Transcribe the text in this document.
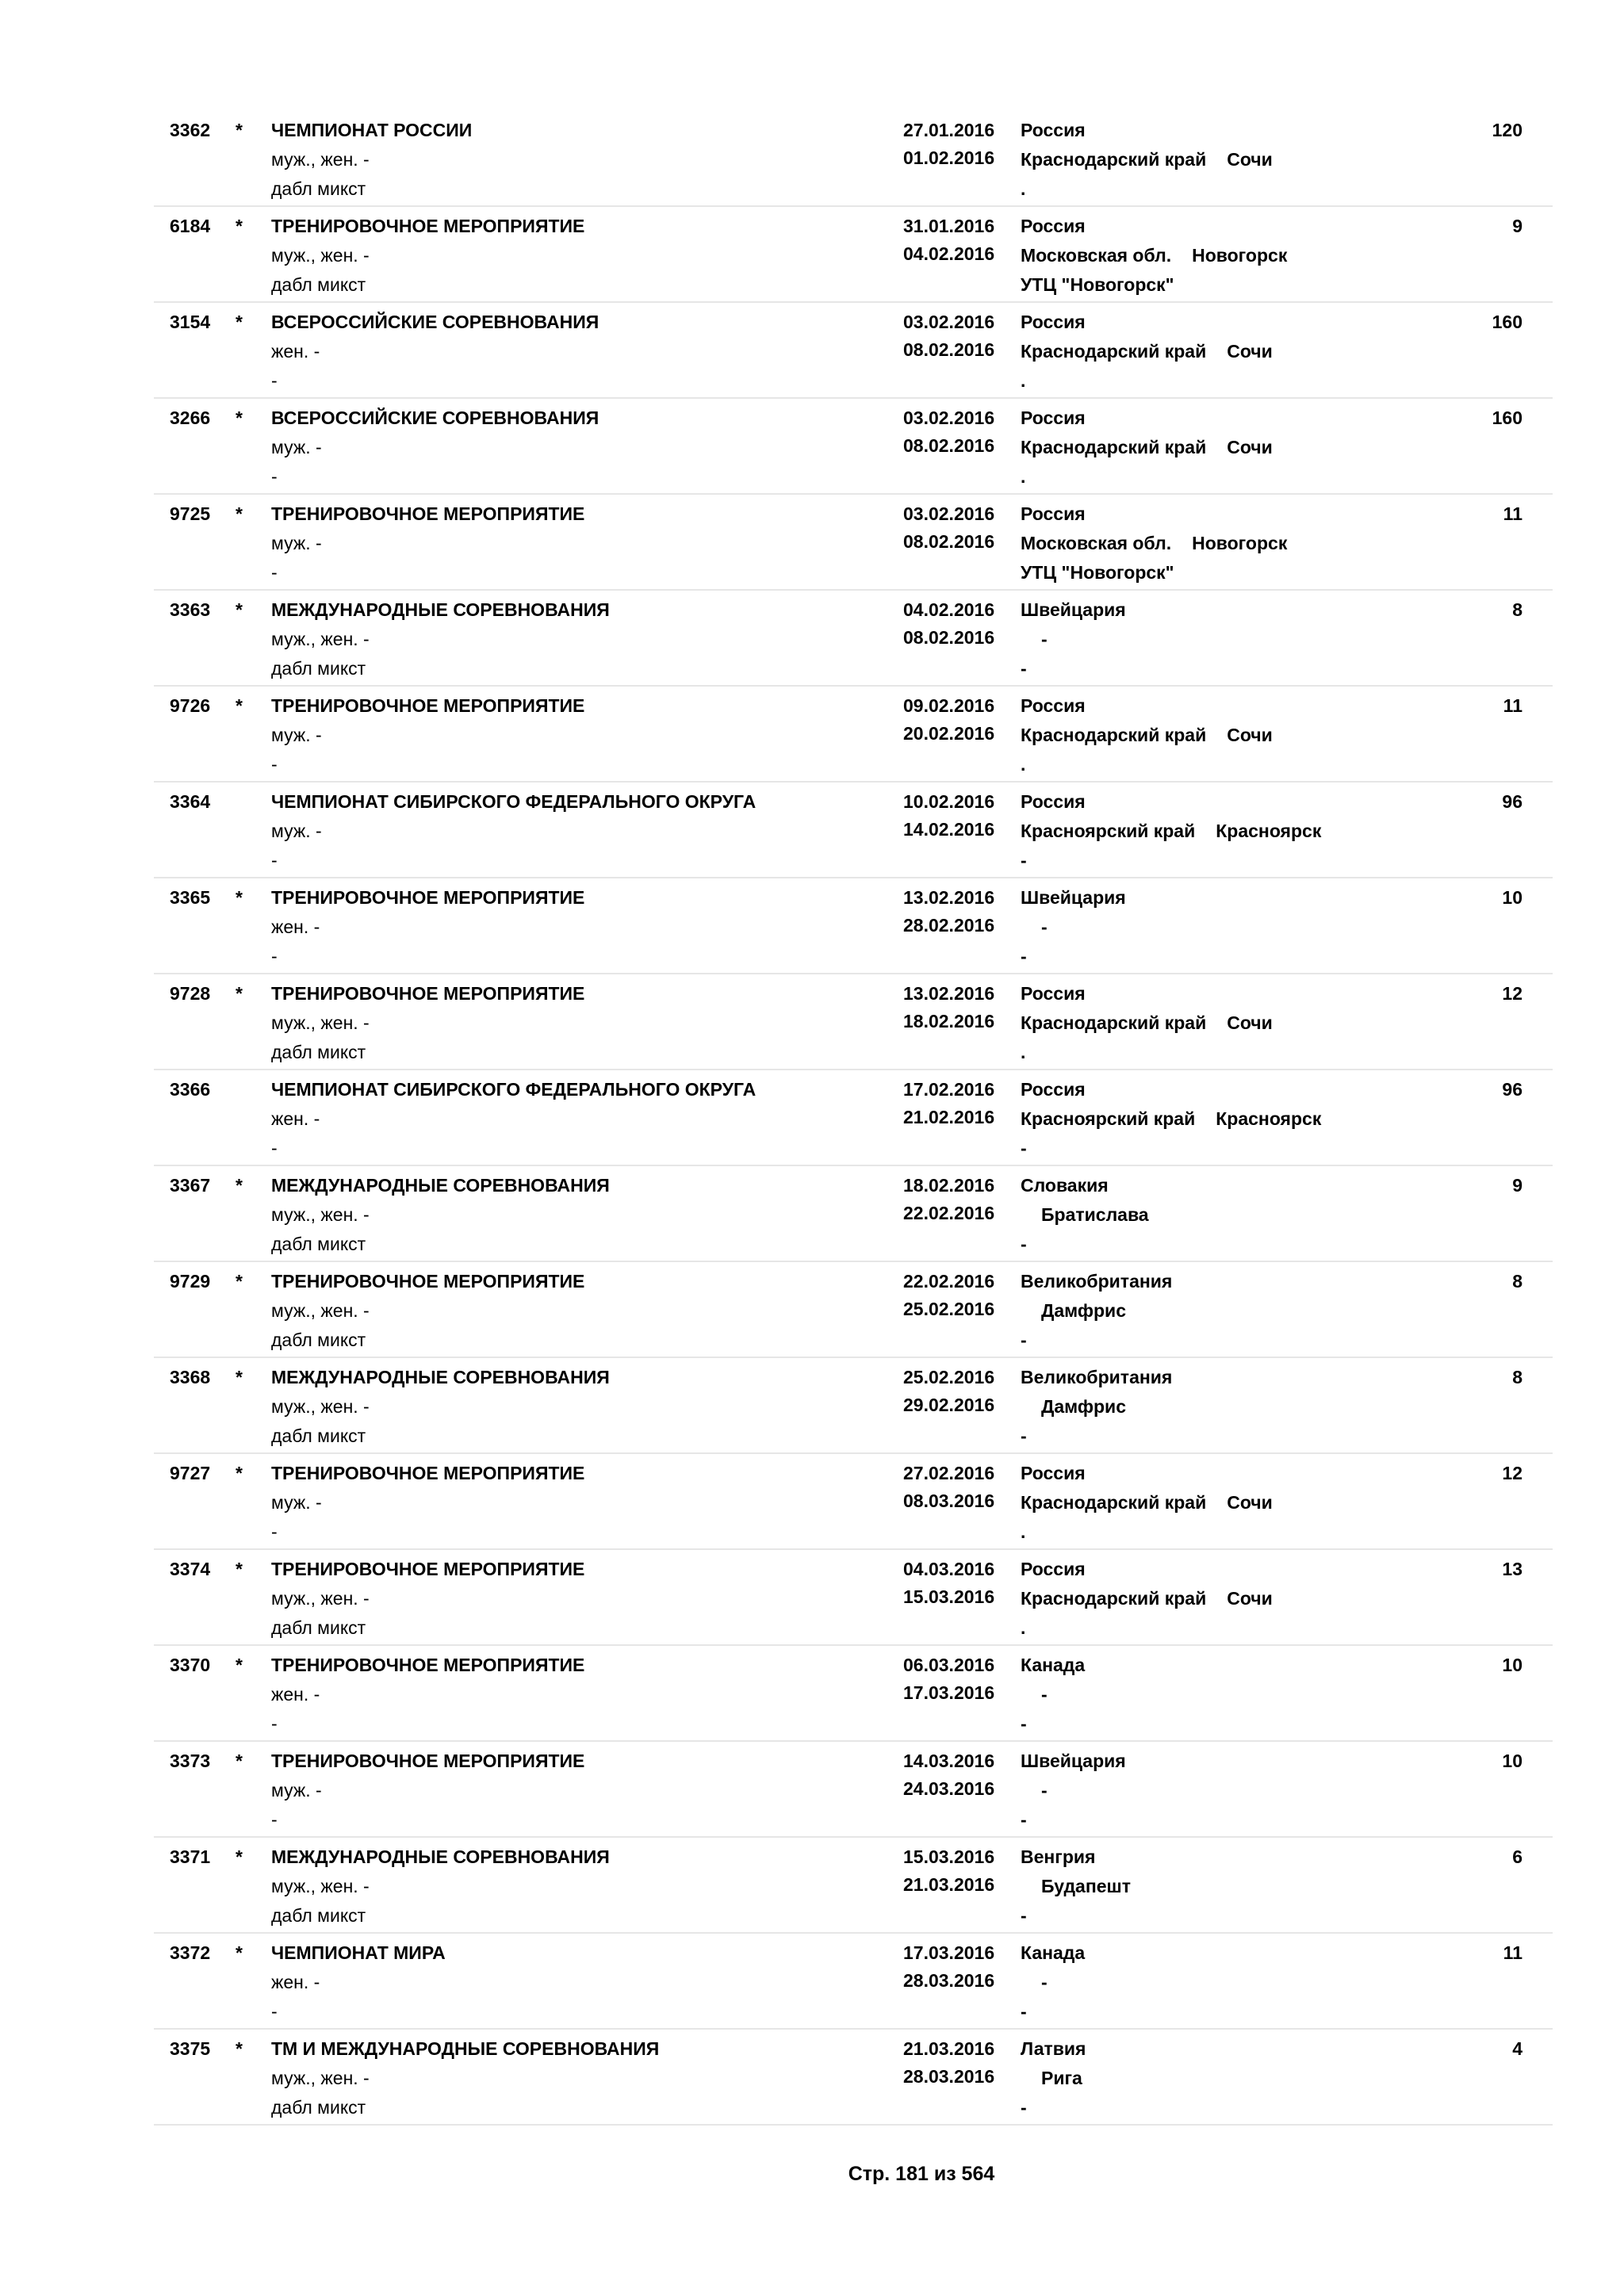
3362 * ЧЕМПИОНАТ РОССИИ
муж., жен. -
дабл микст
27.01.2016
01.02.2016
Россия
Краснодарский край Сочи
.
120
6184 * ТРЕНИРОВОЧНОЕ МЕРОПРИЯТИЕ
муж., жен. -
дабл микст
31.01.2016
04.02.2016
Россия
Московская обл. Новогорск
УТЦ "Новогорск"
9
3154 * ВСЕРОССИЙСКИЕ СОРЕВНОВАНИЯ
жен. -
-
03.02.2016
08.02.2016
Россия
Краснодарский край Сочи
.
160
3266 * ВСЕРОССИЙСКИЕ СОРЕВНОВАНИЯ
муж. -
-
03.02.2016
08.02.2016
Россия
Краснодарский край Сочи
.
160
9725 * ТРЕНИРОВОЧНОЕ МЕРОПРИЯТИЕ
муж. -
-
03.02.2016
08.02.2016
Россия
Московская обл. Новогорск
УТЦ "Новогорск"
11
3363 * МЕЖДУНАРОДНЫЕ СОРЕВНОВАНИЯ
муж., жен. -
дабл микст
04.02.2016
08.02.2016
Швейцария
-
-
8
9726 * ТРЕНИРОВОЧНОЕ МЕРОПРИЯТИЕ
муж. -
-
09.02.2016
20.02.2016
Россия
Краснодарский край Сочи
.
11
3364	ЧЕМПИОНАТ СИБИРСКОГО ФЕДЕРАЛЬНОГО ОКРУГА
муж. -
-
10.02.2016
14.02.2016
Россия
Красноярский край Красноярск
-
96
3365 * ТРЕНИРОВОЧНОЕ МЕРОПРИЯТИЕ
жен. -
-
13.02.2016
28.02.2016
Швейцария
-
-
10
9728 * ТРЕНИРОВОЧНОЕ МЕРОПРИЯТИЕ
муж., жен. -
дабл микст
13.02.2016
18.02.2016
Россия
Краснодарский край Сочи
.
12
3366	ЧЕМПИОНАТ СИБИРСКОГО ФЕДЕРАЛЬНОГО ОКРУГА
жен. -
-
17.02.2016
21.02.2016
Россия
Красноярский край Красноярск
-
96
3367 * МЕЖДУНАРОДНЫЕ СОРЕВНОВАНИЯ
муж., жен. -
дабл микст
18.02.2016
22.02.2016
Словакия
Братислава
-
9
9729 * ТРЕНИРОВОЧНОЕ МЕРОПРИЯТИЕ
муж., жен. -
дабл микст
22.02.2016
25.02.2016
Великобритания
Дамфрис
-
8
3368 * МЕЖДУНАРОДНЫЕ СОРЕВНОВАНИЯ
муж., жен. -
дабл микст
25.02.2016
29.02.2016
Великобритания
Дамфрис
-
8
9727 * ТРЕНИРОВОЧНОЕ МЕРОПРИЯТИЕ
муж. -
-
27.02.2016
08.03.2016
Россия
Краснодарский край Сочи
.
12
3374 * ТРЕНИРОВОЧНОЕ МЕРОПРИЯТИЕ
муж., жен. -
дабл микст
04.03.2016
15.03.2016
Россия
Краснодарский край Сочи
.
13
3370 * ТРЕНИРОВОЧНОЕ МЕРОПРИЯТИЕ
жен. -
-
06.03.2016
17.03.2016
Канада
-
-
10
3373 * ТРЕНИРОВОЧНОЕ МЕРОПРИЯТИЕ
муж. -
-
14.03.2016
24.03.2016
Швейцария
-
-
10
3371 * МЕЖДУНАРОДНЫЕ СОРЕВНОВАНИЯ
муж., жен. -
дабл микст
15.03.2016
21.03.2016
Венгрия
Будапешт
-
6
3372 * ЧЕМПИОНАТ МИРА
жен. -
-
17.03.2016
28.03.2016
Канада
-
-
11
3375 * ТМ И МЕЖДУНАРОДНЫЕ СОРЕВНОВАНИЯ
муж., жен. -
дабл микст
21.03.2016
28.03.2016
Латвия
Рига
-
4
Стр. 181 из 564
